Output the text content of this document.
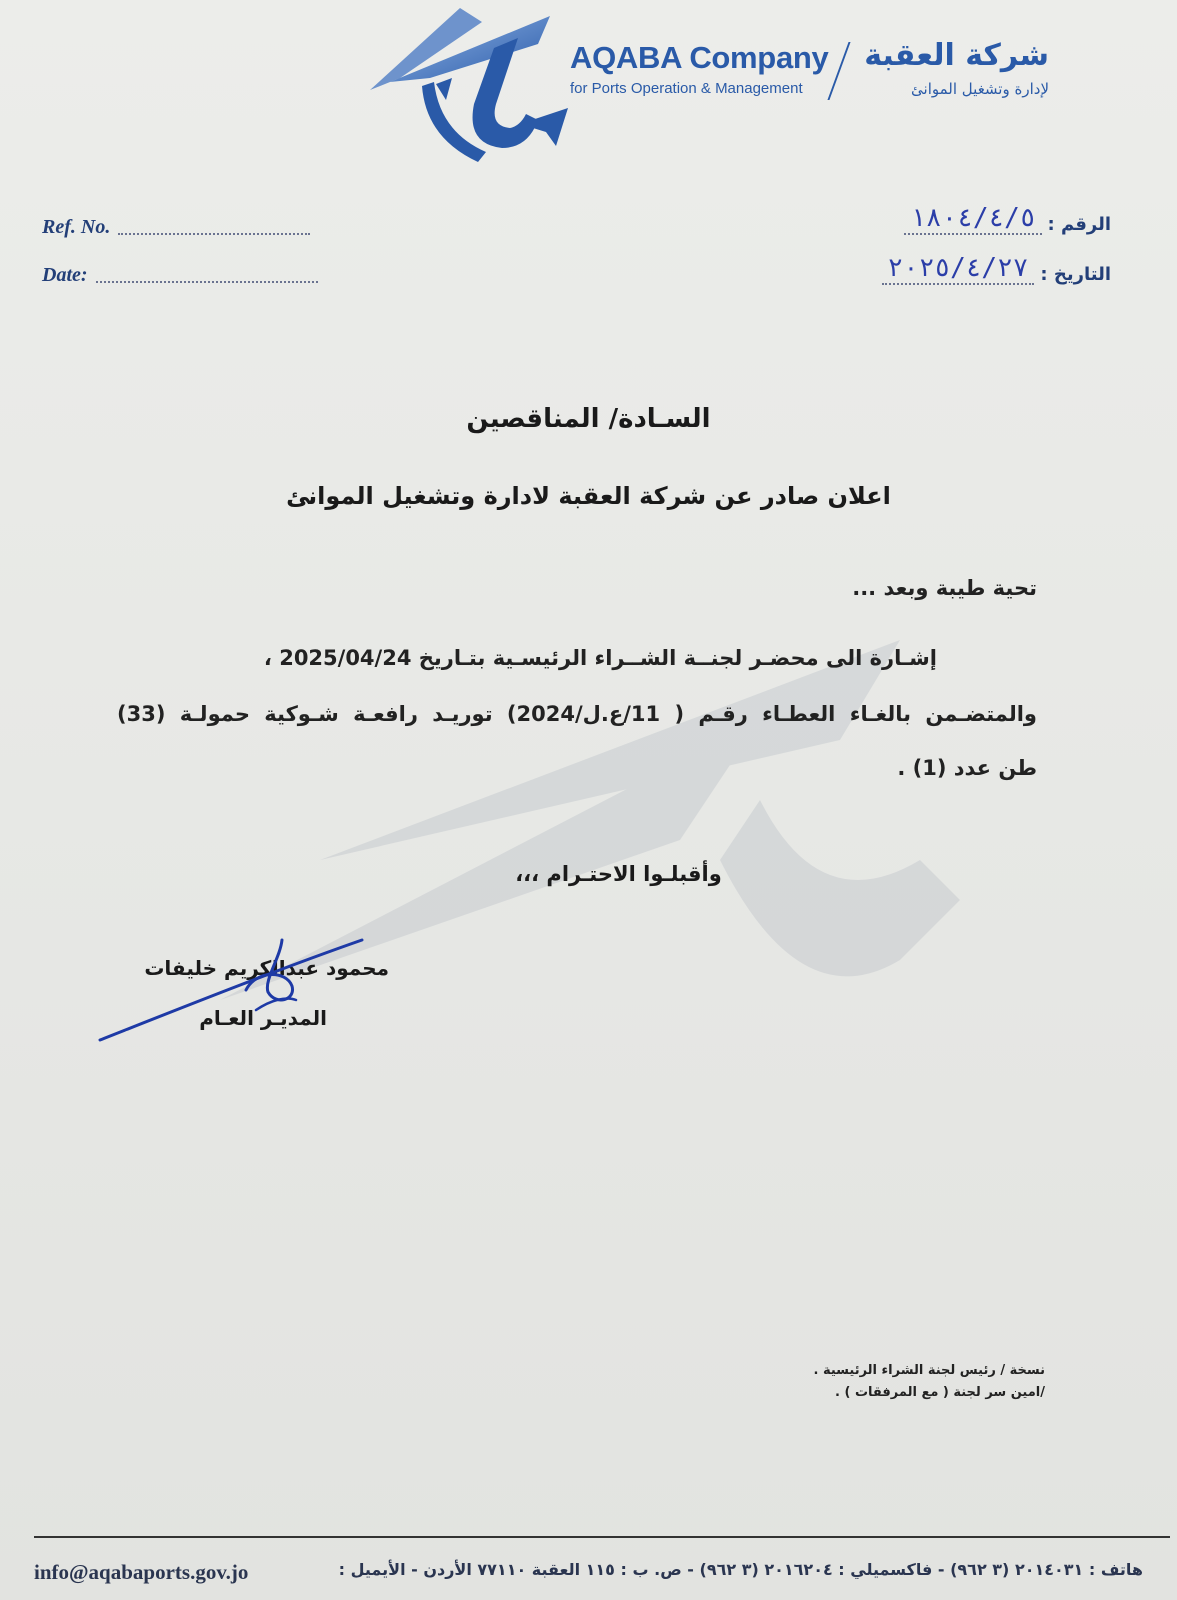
AQABA Company
for Ports Operation & Management
شركة العقبة
لإدارة وتشغيل الموانئ
Ref. No.
Date:
الرقم :
١٨٠٤/٤/٥
التاريخ :
٢٠٢٥/٤/٢٧
السـادة/ المناقصين
اعلان صادر عن شركة العقبة لادارة وتشغيل الموانئ
تحية طيبة وبعد ...
إشـارة الى محضـر لجنــة الشــراء الرئيسـية بتـاريخ 2025/04/24 ،
والمتضـمن بالغـاء العطـاء رقـم ( 11/ع.ل/2024) توريـد رافعـة شـوكية حمولـة (33)
طن عدد (1) .
وأقبلـوا الاحتـرام ،،،
محمود عبدالكريم خليفات
المديـر العـام
نسخة / رئيس لجنة الشراء الرئيسية .
/امين سر لجنة ( مع المرفقات ) .
info@aqabaports.gov.jo	هاتف : ٢٠١٤٠٣١ (٣ ٩٦٢) - فاكسميلي : ٢٠١٦٢٠٤ (٣ ٩٦٢) - ص. ب : ١١٥ العقبة ٧٧١١٠ الأردن - الأيميل :
